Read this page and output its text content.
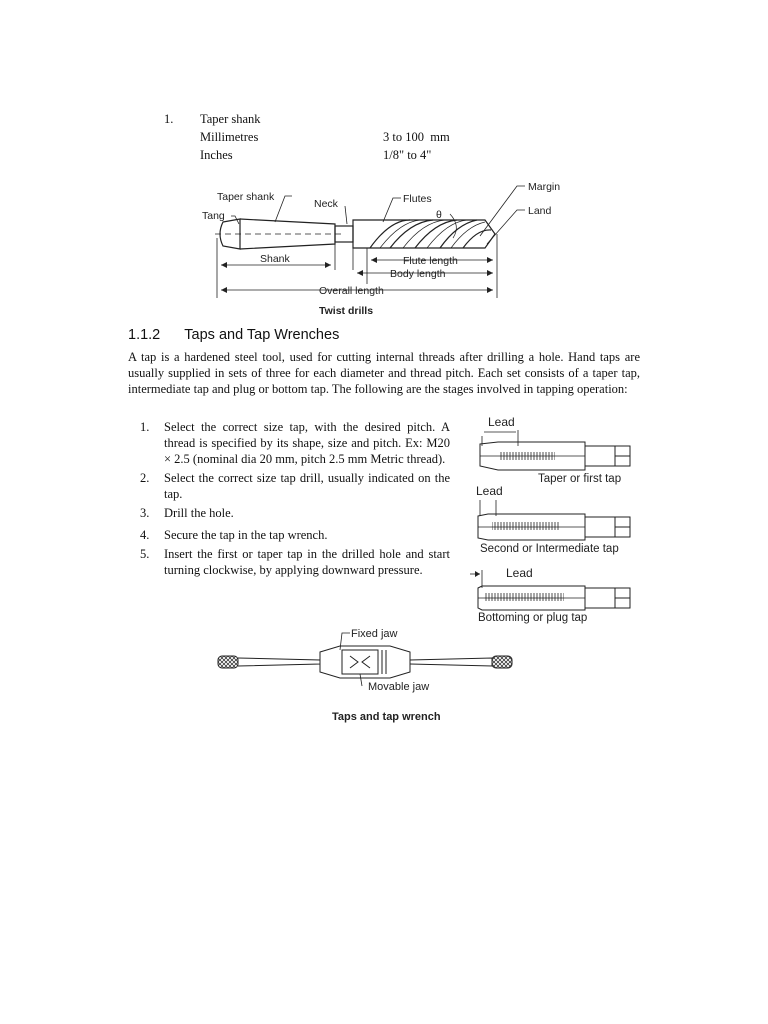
1. Taper shank
Millimetres	3 to 100  mm
Inches	1/8" to 4"
Taper shank
Tang
Neck	Flutes
θ
Margin
Land
Shank	Flute length
Body length
Overall length
Twist drills
1.1.2 Taps and Tap Wrenches
A tap is a hardened steel tool, used for cutting internal threads after drilling a hole. Hand taps are usually supplied in sets of three for each diameter and thread pitch. Each set consists of a taper tap, intermediate tap and plug or bottom tap. The following are the stages involved in tapping operation:
1. Select the correct size tap, with the desired pitch. A thread is specified by its shape, size and pitch. Ex: M20 × 2.5 (nominal dia 20 mm, pitch 2.5 mm Metric thread).
2. Select the correct size tap drill, usually indicated on the tap.
3. Drill the hole.
4. Secure the tap in the tap wrench.
5. Insert the first or taper tap in the drilled hole and start turning clockwise, by applying downward pressure.
Lead
Taper or first tap
Lead
Second or Intermediate tap
Lead
Bottoming or plug tap
Fixed jaw
Movable jaw
Taps and tap wrench
